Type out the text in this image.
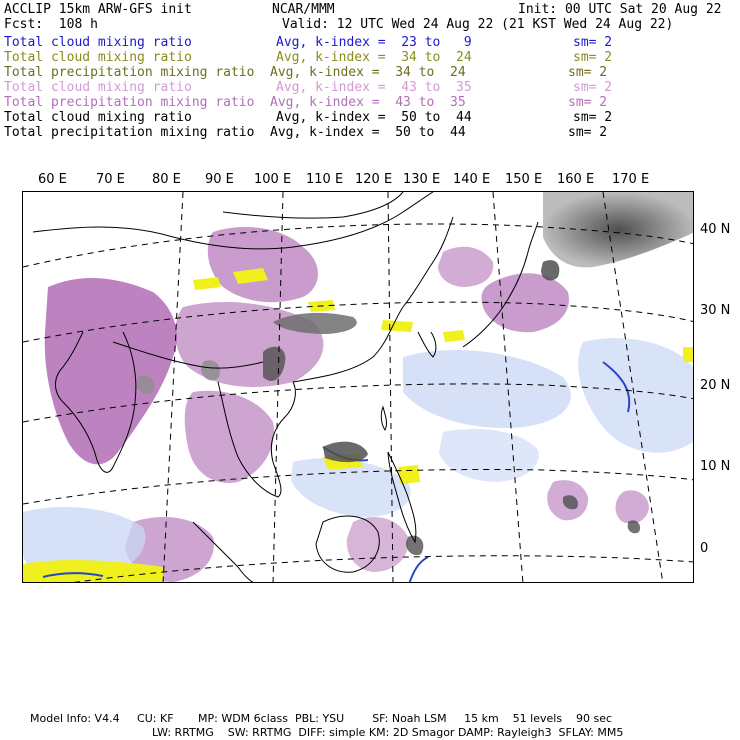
ACCLIP 15km ARW-GFS init	NCAR/MMM	Init: 00 UTC Sat 20 Aug 22
Fcst:  108 h	Valid: 12 UTC Wed 24 Aug 22 (21 KST Wed 24 Aug 22)
Total cloud mixing ratio	Avg, k-index =  23 to   9	sm= 2
Total cloud mixing ratio	Avg, k-index =  34 to  24	sm= 2
Total precipitation mixing ratio Avg, k-index =  34 to  24	sm= 2
Total cloud mixing ratio	Avg, k-index =  43 to  35	sm= 2
Total precipitation mixing ratio Avg, k-index =  43 to  35	sm= 2
Total cloud mixing ratio	Avg, k-index =  50 to  44	sm= 2
Total precipitation mixing ratio Avg, k-index =  50 to  44	sm= 2
60 E 70 E 80 E 90 E 100 E 110 E 120 E 130 E 140 E 150 E 160 E 170 E
40 N
30 N
20 N
10 N
0
Model Info: V4.4     CU: KF       MP: WDM 6class  PBL: YSU        SF: Noah LSM     15 km    51 levels    90 sec
LW: RRTMG    SW: RRTMG  DIFF: simple KM: 2D Smagor DAMP: Rayleigh3  SFLAY: MM5
